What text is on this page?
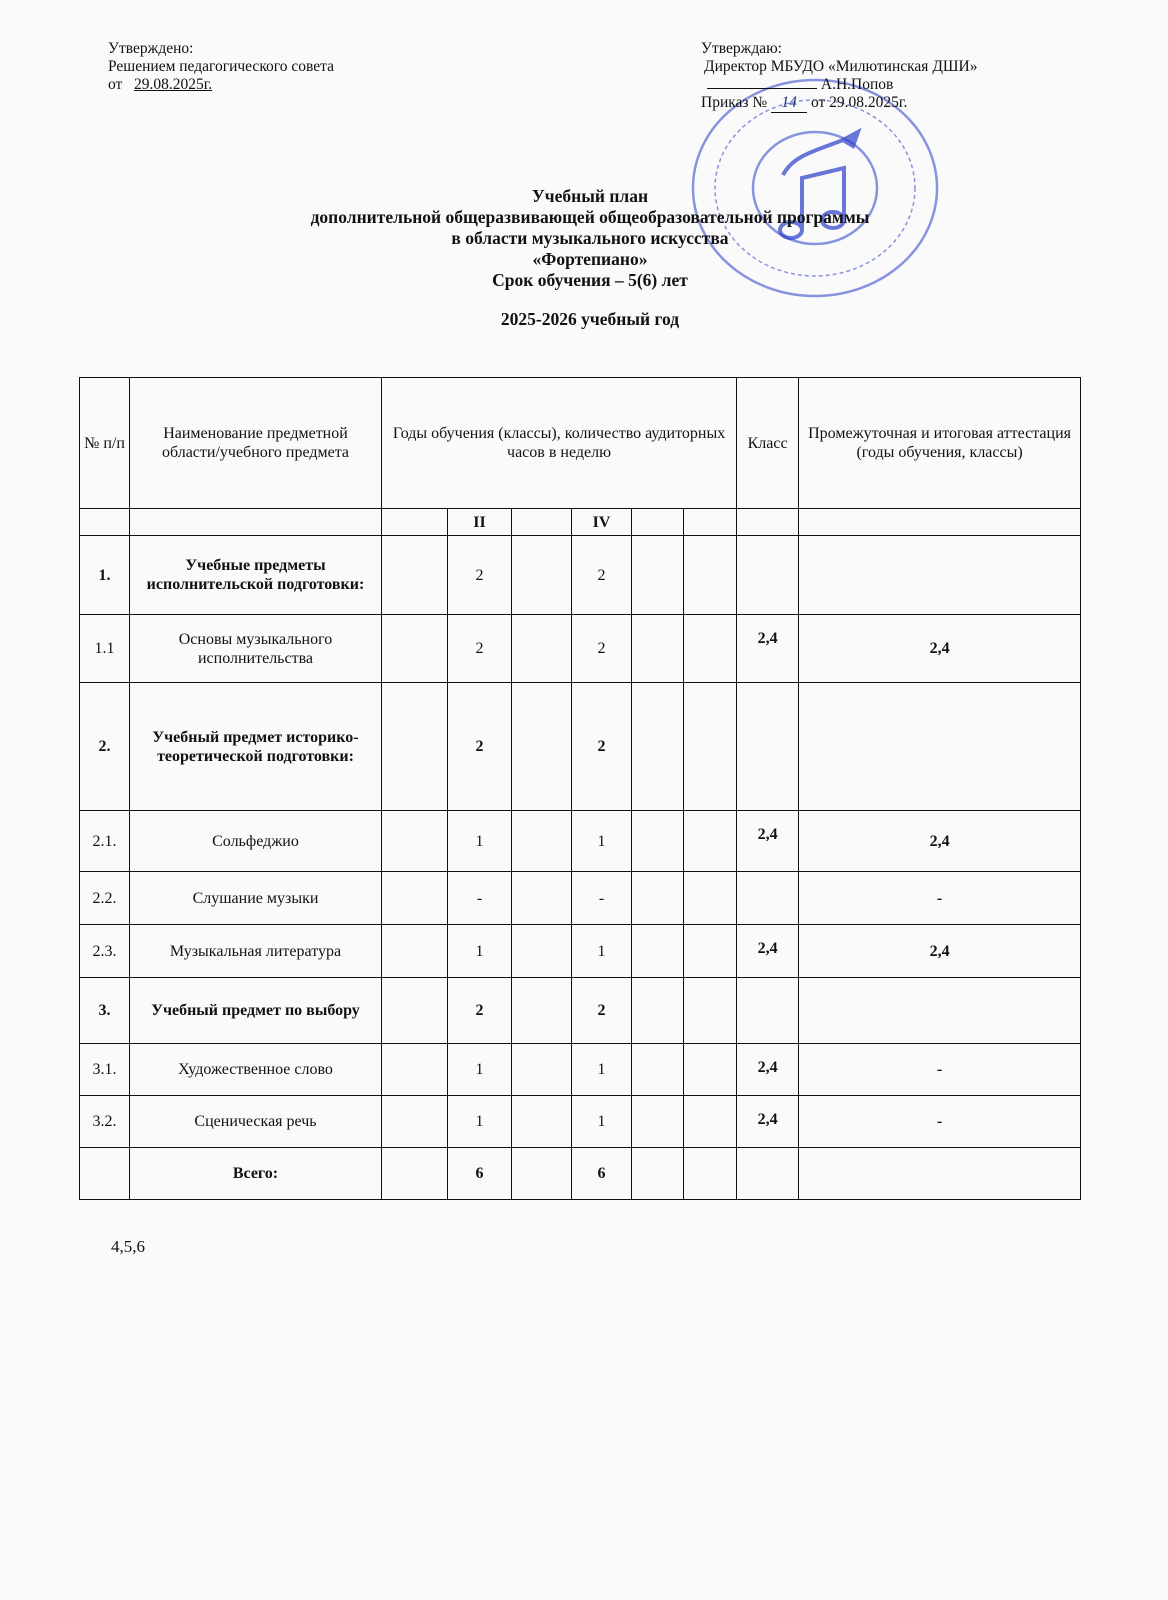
Утверждено:
Решением педагогического совета
от 29.08.2025г.
Утверждаю:
Директор МБУДО «Милютинская ДШИ»
А.Н.Попов
Приказ № 14 от 29.08.2025г.
Учебный план
дополнительной общеразвивающей общеобразовательной программы
в области музыкального искусства
«Фортепиано»
Срок обучения – 5(6) лет
2025-2026 учебный год
№ п/п	Наименование предметной области/учебного предмета	Годы обучения (классы), количество аудиторных часов в неделю						Класс	Промежуточная и итоговая аттестация (годы обучения, классы)
			II		IV				
1.	Учебные предметы исполнительской подготовки:		2		2				
1.1	Основы музыкального исполнительства		2		2			2,4	2,4
2.	Учебный предмет историко-теоретической подготовки:		2		2				
2.1.	Сольфеджио		1		1			2,4	2,4
2.2.	Слушание музыки		-		-				-
2.3.	Музыкальная литература		1		1			2,4	2,4
3.	Учебный предмет по выбору		2		2				
3.1.	Художественное слово		1		1			2,4	-
3.2.	Сценическая речь		1		1			2,4	-
	Всего:		6		6				
4,5,6
